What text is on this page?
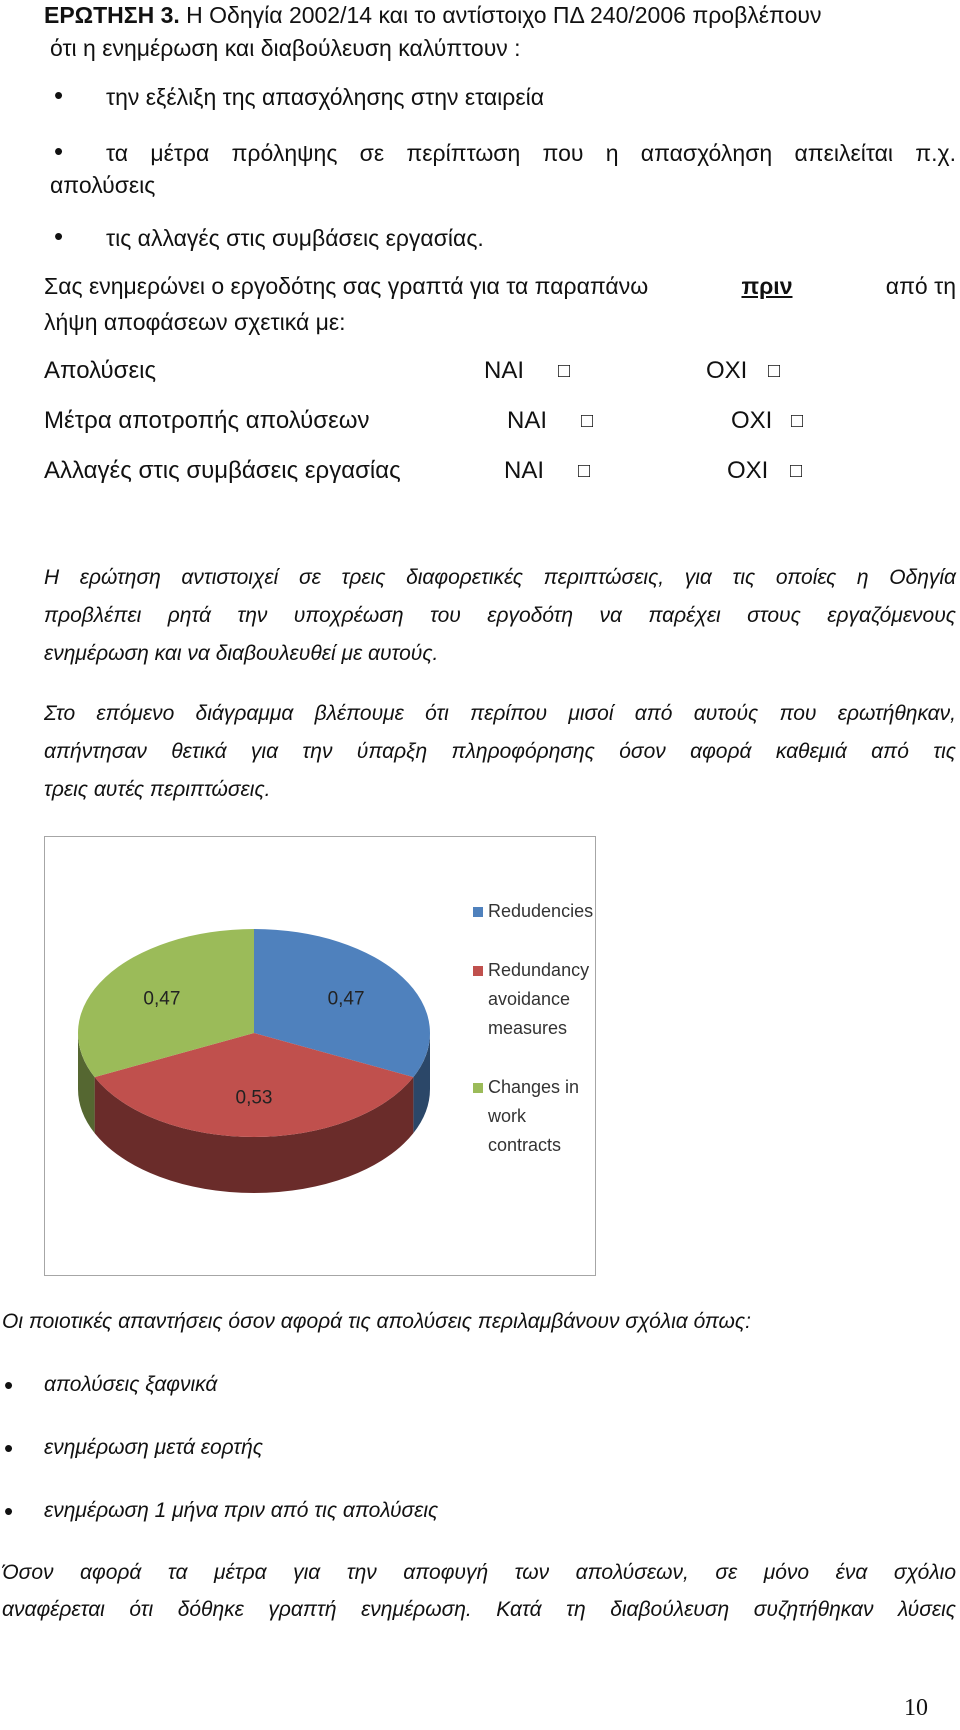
ΕΡΩΤΗΣΗ 3. Η Οδηγία 2002/14 και το αντίστοιχο ΠΔ 240/2006 προβλέπουν
ότι η ενημέρωση και διαβούλευση καλύπτουν :
• την εξέλιξη της απασχόλησης στην εταιρεία
• τα μέτρα πρόληψης σε περίπτωση που η απασχόληση απειλείται π.χ.
απολύσεις
• τις αλλαγές στις συμβάσεις εργασίας.
Σας ενημερώνει ο εργοδότης σας γραπτά για τα παραπάνω	πριν	από τη
λήψη αποφάσεων σχετικά με:
Απολύσεις	ΝΑΙ □	ΟΧΙ □
Μέτρα αποτροπής απολύσεων	ΝΑΙ □	ΟΧΙ □
Αλλαγές στις συμβάσεις εργασίας	ΝΑΙ □	ΟΧΙ □
Η ερώτηση αντιστοιχεί σε τρεις διαφορετικές περιπτώσεις, για τις οποίες η Οδηγία
προβλέπει ρητά την υποχρέωση του εργοδότη να παρέχει στους εργαζόμενους
ενημέρωση και να διαβουλευθεί με αυτούς.
Στο επόμενο διάγραμμα βλέπουμε ότι περίπου μισοί από αυτούς που ερωτήθηκαν,
απήντησαν θετικά για την ύπαρξη πληροφόρησης όσον αφορά καθεμιά από τις
τρεις αυτές περιπτώσεις.
0,47
0,53
0,47
Redudencies
Redundancy
avoidance
measures
Changes in
work
contracts
Οι ποιοτικές απαντήσεις όσον αφορά τις απολύσεις περιλαμβάνουν σχόλια όπως:
• απολύσεις ξαφνικά
• ενημέρωση μετά εορτής
• ενημέρωση 1 μήνα πριν από τις απολύσεις
Όσον αφορά τα μέτρα για την αποφυγή των απολύσεων, σε μόνο ένα σχόλιο
αναφέρεται ότι δόθηκε γραπτή ενημέρωση. Κατά τη διαβούλευση συζητήθηκαν λύσεις
10
